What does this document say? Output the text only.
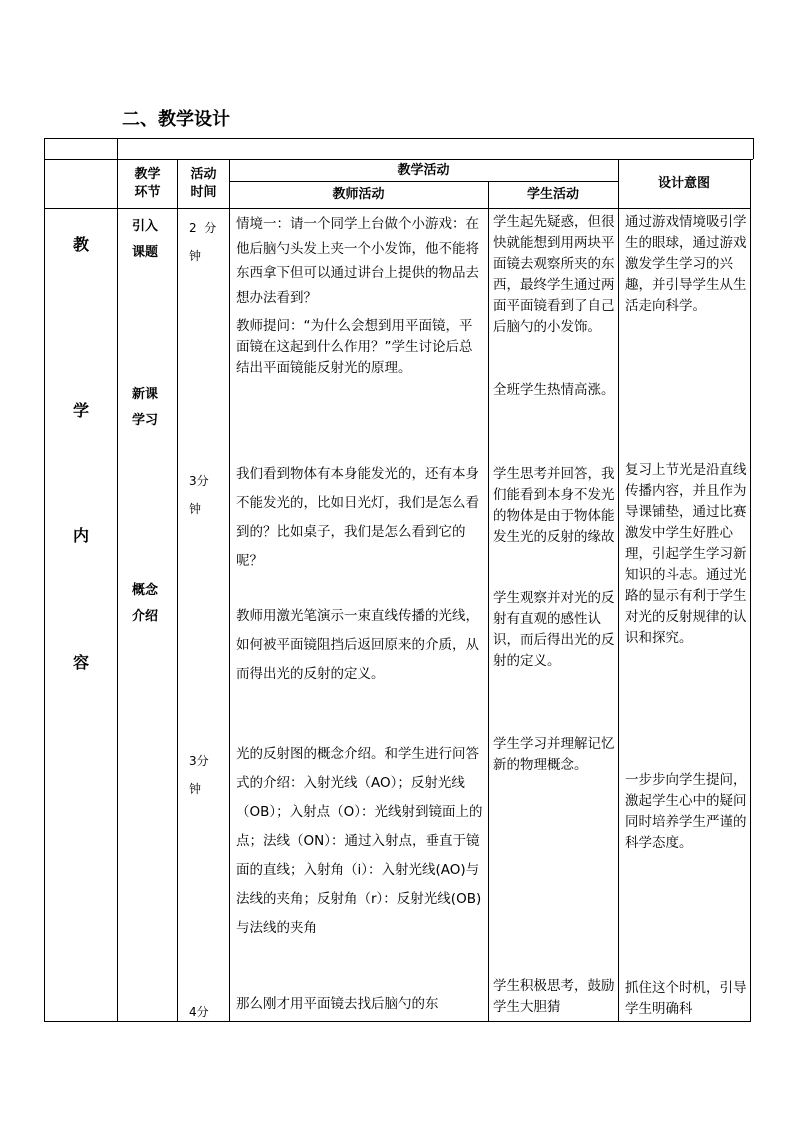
二、教学设计
教学
环节
活动
时间
教学活动
教师活动	学生活动
设计意图
教
学
内
容
引入
课题
新课
学习
概念
介绍
2  分
钟
3分
钟
3分
钟
4分
情境一：请一个同学上台做个小游戏：在他后脑勺头发上夹一个小发饰，他不能将东西拿下但可以通过讲台上提供的物品去想办法看到？
教师提问：“为什么会想到用平面镜，平面镜在这起到什么作用？”学生讨论后总结出平面镜能反射光的原理。
我们看到物体有本身能发光的，还有本身不能发光的，比如日光灯，我们是怎么看到的？比如桌子，我们是怎么看到它的呢？
教师用激光笔演示一束直线传播的光线，如何被平面镜阻挡后返回原来的介质，从而得出光的反射的定义。
光的反射图的概念介绍。和学生进行问答式的介绍：入射光线（AO）；反射光线（OB）；入射点（O）：光线射到镜面上的点；法线（ON）：通过入射点，垂直于镜面的直线；入射角（i）：入射光线(AO)与法线的夹角；反射角（r）：反射光线(OB)与法线的夹角
那么刚才用平面镜去找后脑勺的东
学生起先疑惑，但很快就能想到用两块平面镜去观察所夹的东西，最终学生通过两面平面镜看到了自己后脑勺的小发饰。
全班学生热情高涨。
学生思考并回答，我们能看到本身不发光的物体是由于物体能发生光的反射的缘故
学生观察并对光的反射有直观的感性认识，而后得出光的反射的定义。
学生学习并理解记忆新的物理概念。
学生积极思考，鼓励学生大胆猜
通过游戏情境吸引学生的眼球，通过游戏激发学生学习的兴趣，并引导学生从生活走向科学。
复习上节光是沿直线传播内容，并且作为导课铺垫，通过比赛激发中学生好胜心理，引起学生学习新知识的斗志。通过光路的显示有利于学生对光的反射规律的认识和探究。
一步步向学生提问，激起学生心中的疑问同时培养学生严谨的科学态度。
抓住这个时机，引导学生明确科
